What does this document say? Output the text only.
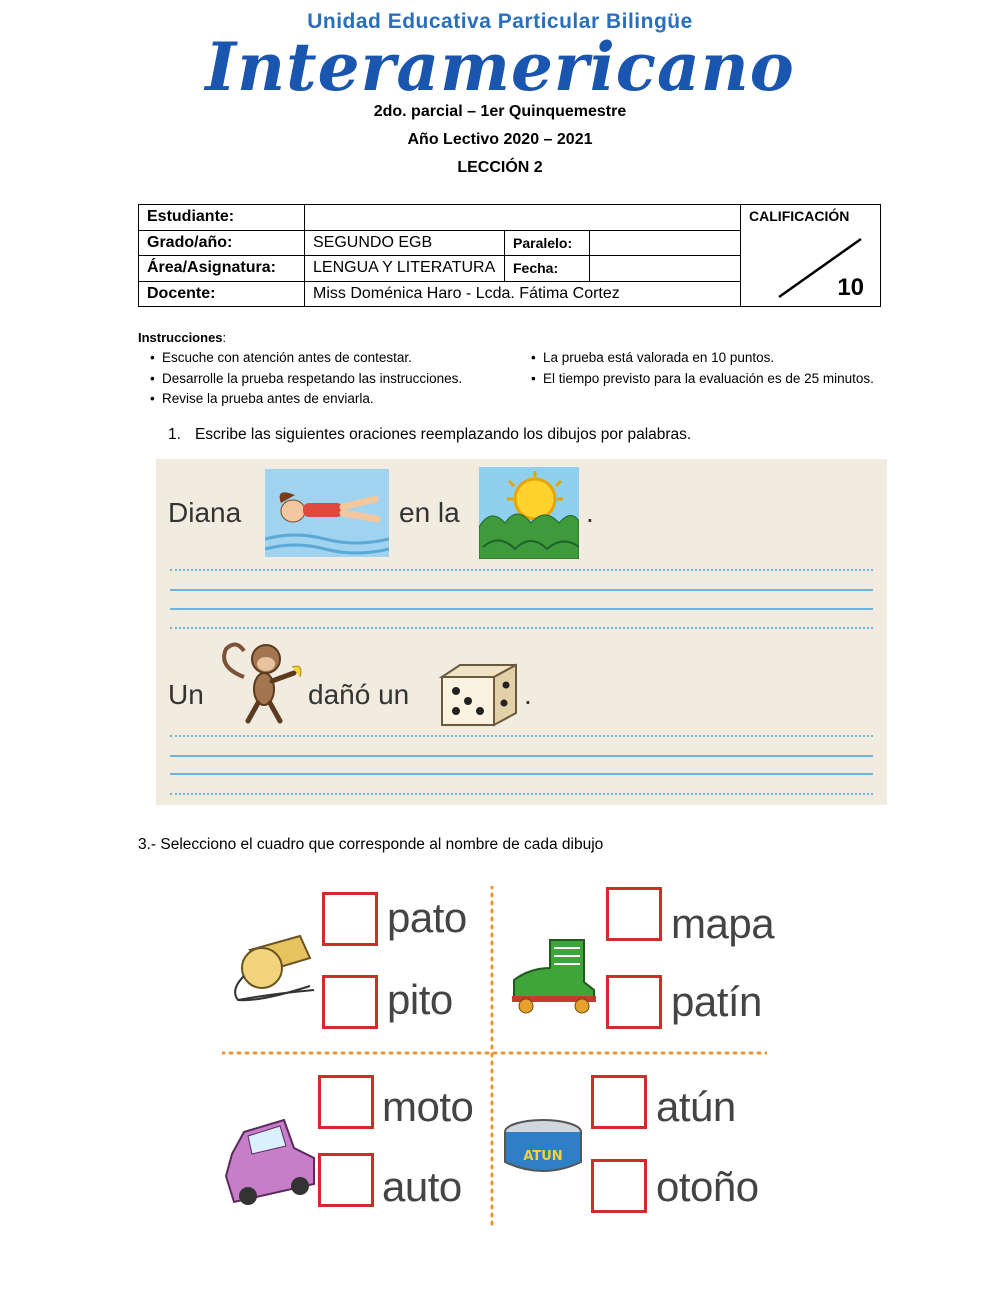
Unidad Educativa Particular Bilingüe
Interamericano
2do. parcial – 1er Quinquemestre
Año Lectivo 2020 – 2021
LECCIÓN 2
Estudiante:				CALIFICACIÓN
10

Grado/año:	SEGUNDO EGB	Paralelo:		
Área/Asignatura:	LENGUA Y LITERATURA	Fecha:		
Docente:	Miss Doménica Haro - Lcda. Fátima Cortez			
Instrucciones:
• Escuche con atención antes de contestar.
• Desarrolle la prueba respetando las instrucciones.
• Revise la prueba antes de enviarla.
• La prueba está valorada en 10 puntos.
• El tiempo previsto para la evaluación es de 25 minutos.
1. Escribe las siguientes oraciones reemplazando los dibujos por palabras.
Diana	en la	.
Un	dañó un	.
3.- Selecciono el cuadro que corresponde al nombre de cada dibujo
pato
pito
mapa
patín
moto
auto
ATUN
atún
otoño
